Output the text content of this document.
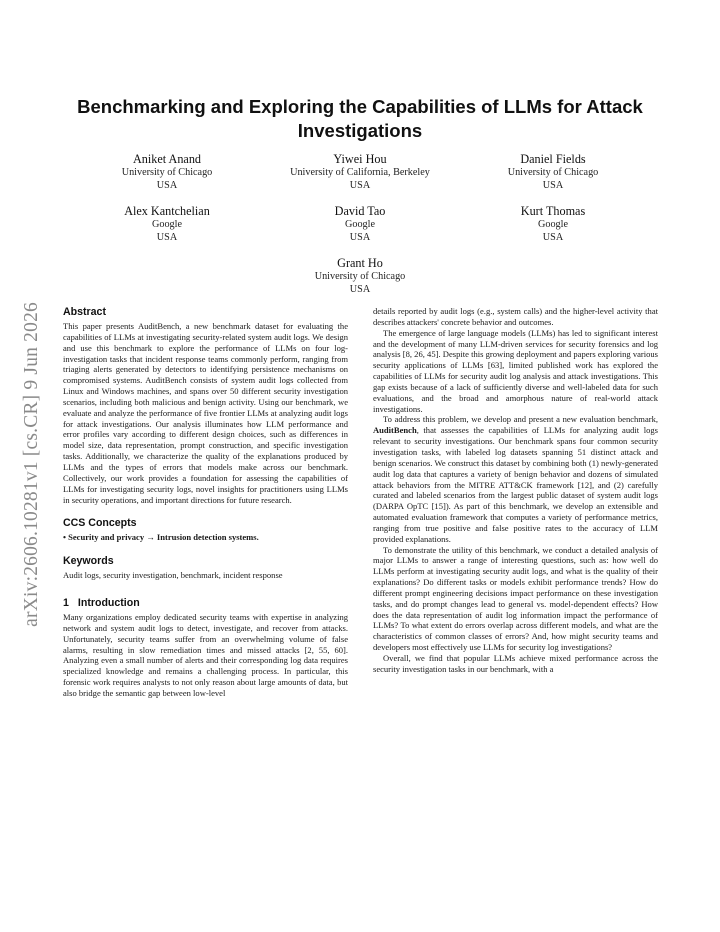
arXiv:2606.10281v1 [cs.CR] 9 Jun 2026
Benchmarking and Exploring the Capabilities of LLMs for Attack Investigations
Aniket Anand
University of Chicago
USA
Yiwei Hou
University of California, Berkeley
USA
Daniel Fields
University of Chicago
USA
Alex Kantchelian
Google
USA
David Tao
Google
USA
Kurt Thomas
Google
USA
Grant Ho
University of Chicago
USA
Abstract

This paper presents AuditBench, a new benchmark dataset for evaluating the capabilities of LLMs at investigating security-related system audit logs. We design and use this benchmark to explore the performance of LLMs on four log-investigation tasks that incident response teams commonly perform, ranging from triaging alerts generated by detectors to identifying persistence mechanisms on compromised systems. AuditBench consists of system audit logs collected from Linux and Windows machines, and spans over 50 different security investigation scenarios, including both malicious and benign activity. Using our benchmark, we evaluate and analyze the performance of five frontier LLMs at analyzing audit logs for attack investigations. Our analysis illuminates how LLM performance and error profiles vary according to different design choices, such as differences in model size, data representation, prompt construction, and specific investigation tasks. Additionally, we characterize the quality of the explanations produced by LLMs and the types of errors that models make across our benchmark. Collectively, our work provides a foundation for assessing the capabilities of LLMs for investigating security logs, novel insights for practitioners using LLMs in security operations, and important directions for future research.

CCS Concepts

• Security and privacy → Intrusion detection systems.

Keywords

Audit logs, security investigation, benchmark, incident response

1 Introduction

Many organizations employ dedicated security teams with expertise in analyzing network and system audit logs to detect, investigate, and recover from attacks. Unfortunately, security teams suffer from an overwhelming volume of false alarms, resulting in slow remediation times and missed attacks [2, 55, 60]. Analyzing even a small number of alerts and their corresponding log data requires specialized knowledge and remains a challenging process. In particular, this forensic work requires analysts to not only reason about large amounts of data, but also bridge the semantic gap between low-level

details reported by audit logs (e.g., system calls) and the higher-level activity that describes attackers' concrete behavior and outcomes.

The emergence of large language models (LLMs) has led to significant interest and the development of many LLM-driven services for security forensics and log analysis [8, 26, 45]. Despite this growing deployment and papers exploring various security applications of LLMs [63], limited published work has explored the capabilities of LLMs for security audit log analysis and attack investigations. This gap exists because of a lack of sufficiently diverse and well-labeled data for such evaluations, and the broad and amorphous nature of real-world attack investigations.

To address this problem, we develop and present a new evaluation benchmark, AuditBench, that assesses the capabilities of LLMs for analyzing audit logs relevant to security investigations. Our benchmark spans four common security investigation tasks, with labeled log datasets spanning 51 distinct attack and benign scenarios. We construct this dataset by combining both (1) newly-generated audit log data that captures a variety of benign behavior and dozens of simulated attack behaviors from the MITRE ATT&CK framework [12], and (2) carefully curated and labeled scenarios from the largest public dataset of system audit logs (DARPA OpTC [15]). As part of this benchmark, we develop an extensible and automated evaluation framework that computes a variety of performance metrics, ranging from true positive and false positive rates to the accuracy of LLM provided explanations.

To demonstrate the utility of this benchmark, we conduct a detailed analysis of major LLMs to answer a range of interesting questions, such as: how well do LLMs perform at investigating security audit logs, and what is the quality of their explanations? Do different tasks or models exhibit performance trends? How do different prompt engineering decisions impact performance on these investigation tasks, and do prompt changes lead to general vs. model-dependent effects? How does the data representation of audit log information impact the performance of LLMs? To what extent do errors overlap across different models, and what are the characteristics of common classes of errors? And, how might security teams and developers most effectively use LLMs for security log investigations?

Overall, we find that popular LLMs achieve mixed performance across the security investigation tasks in our benchmark, with a
